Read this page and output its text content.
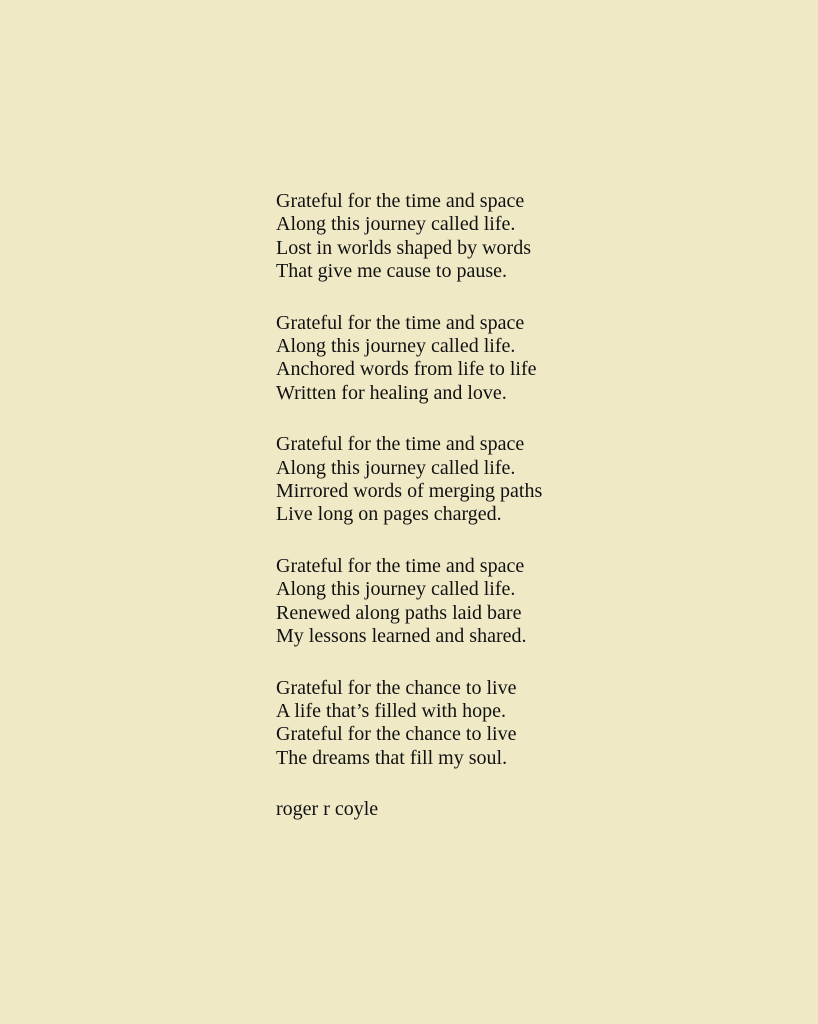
Grateful for the time and space
Along this journey called life.
Lost in worlds shaped by words
That give me cause to pause.
Grateful for the time and space
Along this journey called life.
Anchored words from life to life
Written for healing and love.
Grateful for the time and space
Along this journey called life.
Mirrored words of merging paths
Live long on pages charged.
Grateful for the time and space
Along this journey called life.
Renewed along paths laid bare
My lessons learned and shared.
Grateful for the chance to live
A life that’s filled with hope.
Grateful for the chance to live
The dreams that fill my soul.
roger r coyle
